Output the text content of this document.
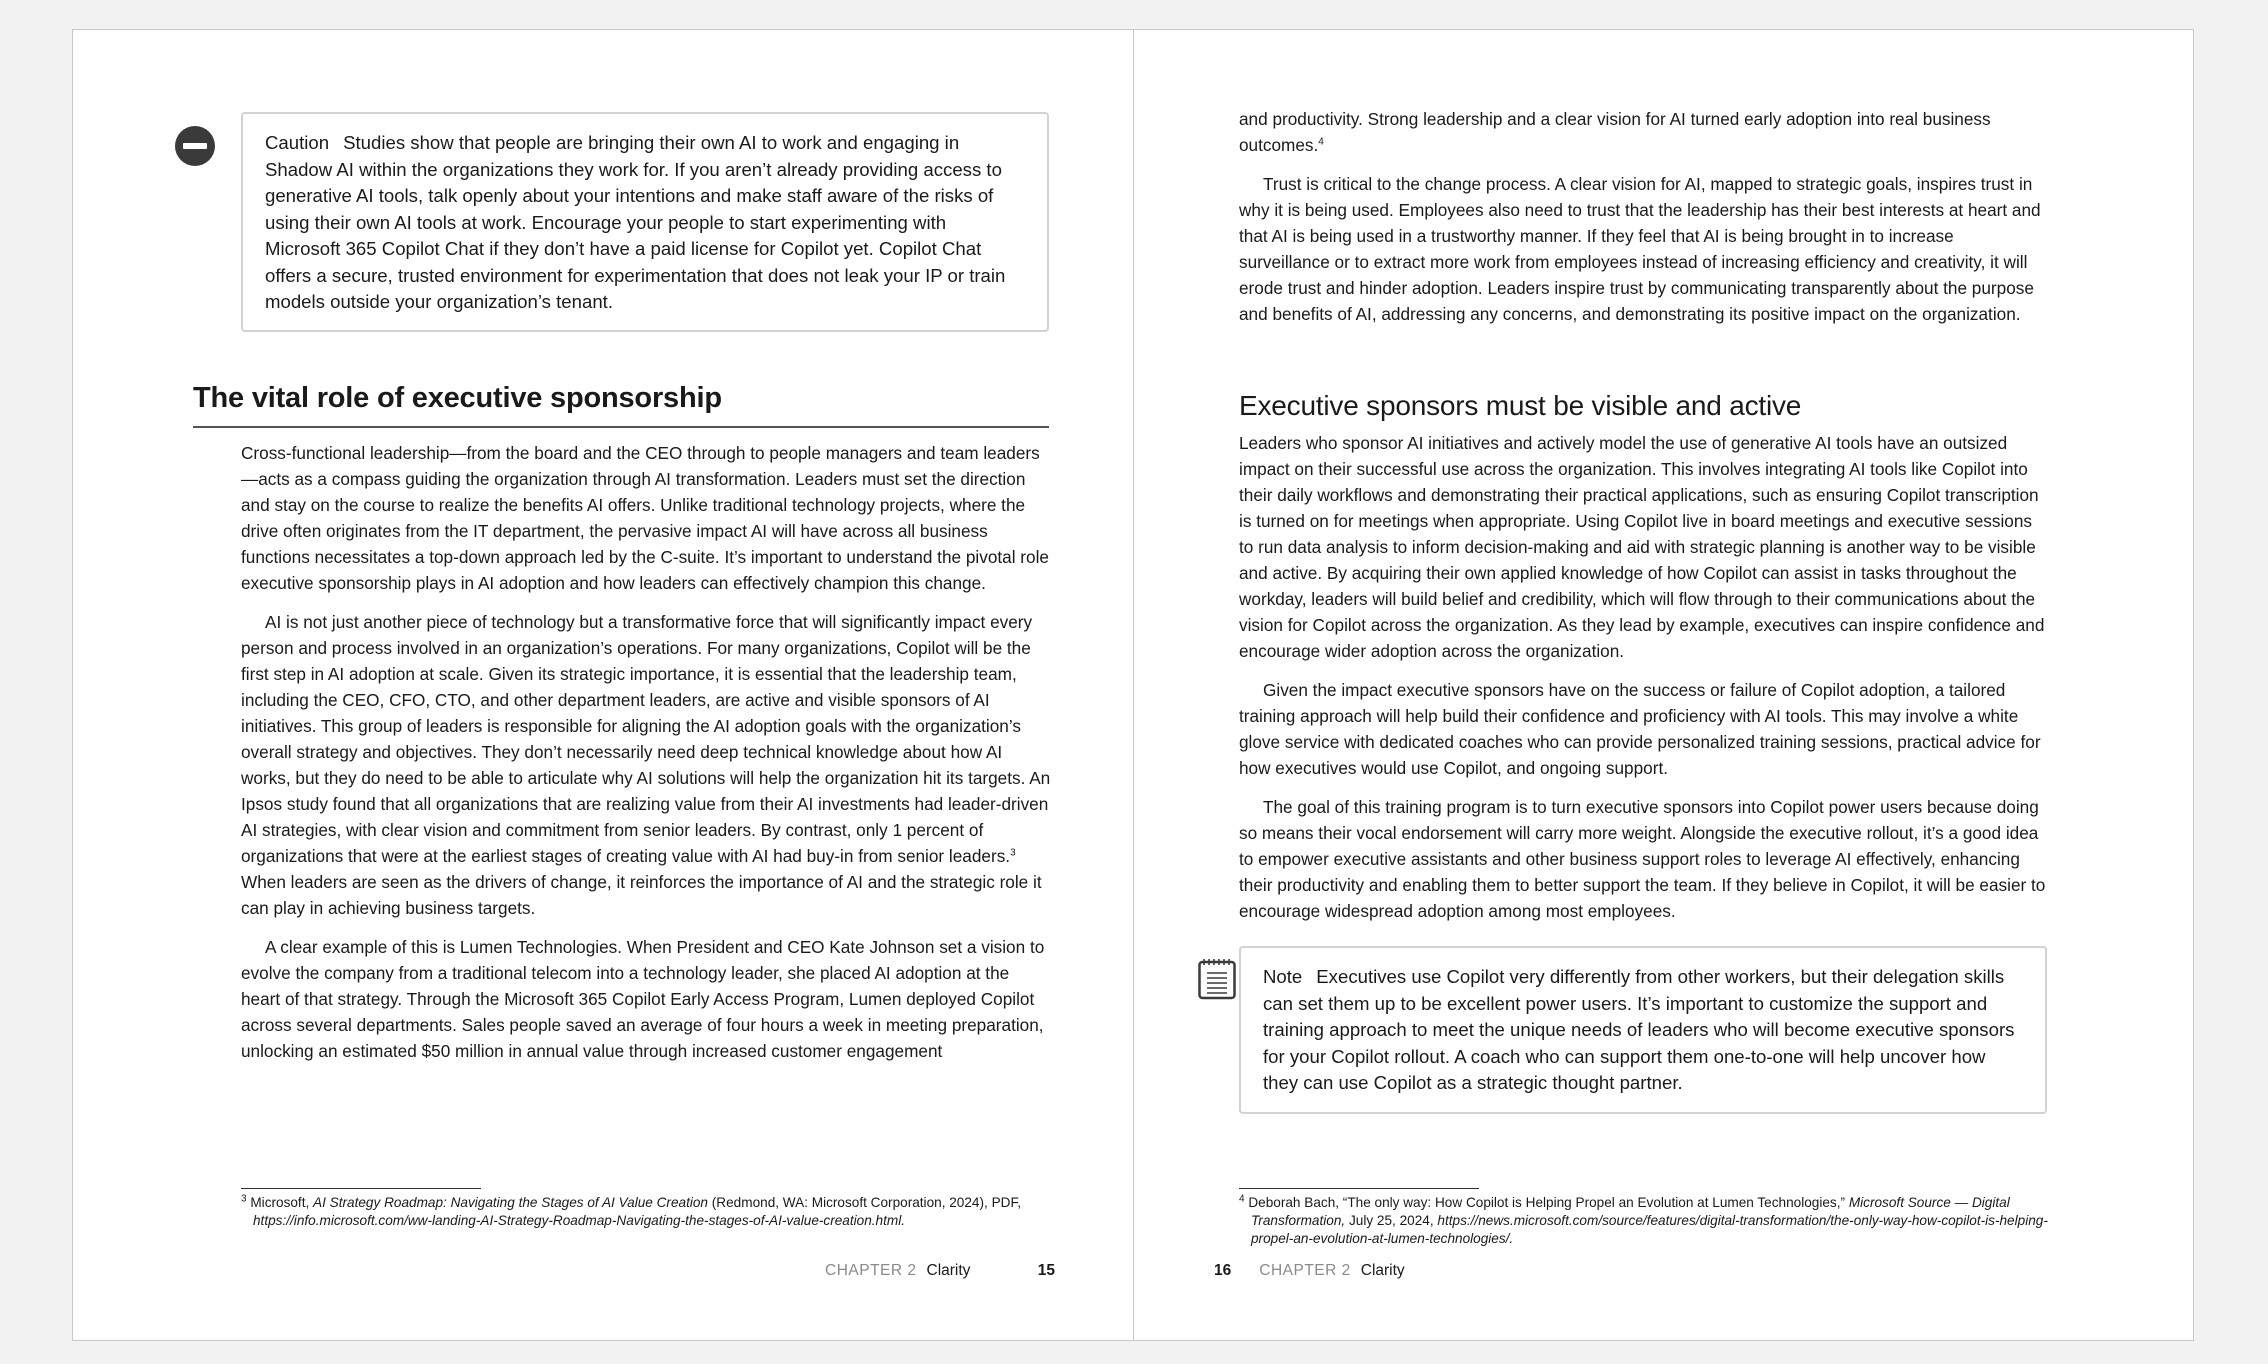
Caution Studies show that people are bringing their own AI to work and engaging in Shadow AI within the organizations they work for. If you aren’t already providing access to generative AI tools, talk openly about your intentions and make staff aware of the risks of using their own AI tools at work. Encourage your people to start experimenting with Microsoft 365 Copilot Chat if they don’t have a paid license for Copilot yet. Copilot Chat offers a secure, trusted environment for experimentation that does not leak your IP or train models outside your organization’s tenant.
The vital role of executive sponsorship

Cross-functional leadership—from the board and the CEO through to people managers and team leaders—acts as a compass guiding the organization through AI transformation. Leaders must set the direction and stay on the course to realize the benefits AI offers. Unlike traditional technology projects, where the drive often originates from the IT department, the pervasive impact AI will have across all business functions necessitates a top-down approach led by the C-suite. It’s important to understand the pivotal role executive sponsorship plays in AI adoption and how leaders can effectively champion this change.

AI is not just another piece of technology but a transformative force that will significantly impact every person and process involved in an organization’s operations. For many organizations, Copilot will be the first step in AI adoption at scale. Given its strategic importance, it is essential that the leadership team, including the CEO, CFO, CTO, and other department leaders, are active and visible sponsors of AI initiatives. This group of leaders is responsible for aligning the AI adoption goals with the organization’s overall strategy and objectives. They don’t necessarily need deep technical knowledge about how AI works, but they do need to be able to articulate why AI solutions will help the organization hit its targets. An Ipsos study found that all organizations that are realizing value from their AI investments had leader-driven AI strategies, with clear vision and commitment from senior leaders. By contrast, only 1 percent of organizations that were at the earliest stages of creating value with AI had buy-in from senior leaders.$^3$ When leaders are seen as the drivers of change, it reinforces the importance of AI and the strategic role it can play in achieving business targets.

A clear example of this is Lumen Technologies. When President and CEO Kate Johnson set a vision to evolve the company from a traditional telecom into a technology leader, she placed AI adoption at the heart of that strategy. Through the Microsoft 365 Copilot Early Access Program, Lumen deployed Copilot across several departments. Sales people saved an average of four hours a week in meeting preparation, unlocking an estimated $50 million in annual value through increased customer engagement

$^3$ Microsoft, AI Strategy Roadmap: Navigating the Stages of AI Value Creation (Redmond, WA: Microsoft Corporation, 2024), PDF, https://info.microsoft.com/ww-landing-AI-Strategy-Roadmap-Navigating-the-stages-of-AI-value-creation.html.
CHAPTER 2 Clarity	15

and productivity. Strong leadership and a clear vision for AI turned early adoption into real business outcomes.$^4$

Trust is critical to the change process. A clear vision for AI, mapped to strategic goals, inspires trust in why it is being used. Employees also need to trust that the leadership has their best interests at heart and that AI is being used in a trustworthy manner. If they feel that AI is being brought in to increase surveillance or to extract more work from employees instead of increasing efficiency and creativity, it will erode trust and hinder adoption. Leaders inspire trust by communicating transparently about the purpose and benefits of AI, addressing any concerns, and demonstrating its positive impact on the organization.

Executive sponsors must be visible and active

Leaders who sponsor AI initiatives and actively model the use of generative AI tools have an outsized impact on their successful use across the organization. This involves integrating AI tools like Copilot into their daily workflows and demonstrating their practical applications, such as ensuring Copilot transcription is turned on for meetings when appropriate. Using Copilot live in board meetings and executive sessions to run data analysis to inform decision-making and aid with strategic planning is another way to be visible and active. By acquiring their own applied knowledge of how Copilot can assist in tasks throughout the workday, leaders will build belief and credibility, which will flow through to their communications about the vision for Copilot across the organization. As they lead by example, executives can inspire confidence and encourage wider adoption across the organization.

Given the impact executive sponsors have on the success or failure of Copilot adoption, a tailored training approach will help build their confidence and proficiency with AI tools. This may involve a white glove service with dedicated coaches who can provide personalized training sessions, practical advice for how executives would use Copilot, and ongoing support.

The goal of this training program is to turn executive sponsors into Copilot power users because doing so means their vocal endorsement will carry more weight. Alongside the executive rollout, it’s a good idea to empower executive assistants and other business support roles to leverage AI effectively, enhancing their productivity and enabling them to better support the team. If they believe in Copilot, it will be easier to encourage widespread adoption among most employees.

Note Executives use Copilot very differently from other workers, but their delegation skills can set them up to be excellent power users. It’s important to customize the support and training approach to meet the unique needs of leaders who will become executive sponsors for your Copilot rollout. A coach who can support them one-to-one will help uncover how they can use Copilot as a strategic thought partner.
$^4$ Deborah Bach, “The only way: How Copilot is Helping Propel an Evolution at Lumen Technologies,” Microsoft Source — Digital Transformation, July 25, 2024, https://news.microsoft.com/source/features/digital-transformation/the-only-way-how-copilot-is-helping-propel-an-evolution-at-lumen-technologies/.
16 CHAPTER 2 Clarity
